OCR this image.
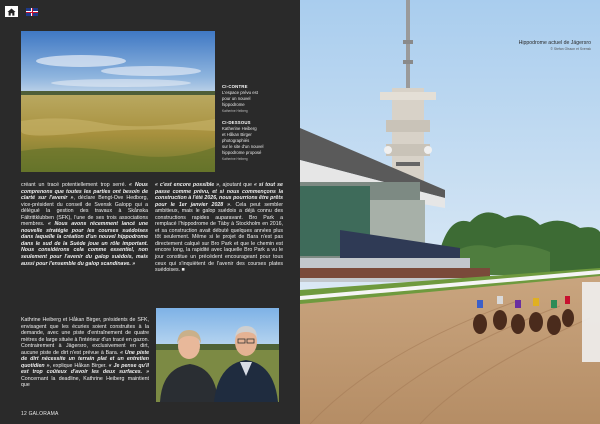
CI-CONTRE
L'espace prévu est
pour un nouvel
hippodrome
Katherine Heiberg
CI-DESSOUS
Katherine Heiberg
et Håkan Birger
photographiés
sur le site d'un nouvel
hippodrome proposé
Katherine Heiberg

créant un tracé potentiellement trop serré. « Nous comprenons que toutes les parties ont besoin de clarté sur l'avenir », déclare Bengt-Ove Hedborg, vice-président du conseil de Svensk Galopp qui a délégué la gestion des travaux à Skånska Fältrittklubben (SFK), l'une de ses trois associations membres. « Nous avons récemment lancé une nouvelle stratégie pour les courses suédoises dans laquelle la création d'un nouvel hippodrome dans le sud de la Suède joue un rôle important. Nous considérons cela comme essentiel, non seulement pour l'avenir du galop suédois, mais aussi pour l'ensemble du galop scandinave. »

« c'est encore possible », ajoutant que « si tout se passe comme prévu, et si nous commençons la construction à l'été 2026, nous pourrions être prêts pour le 1er janvier 2028 ». Cela peut sembler ambitieux, mais le galop suédois a déjà connu des constructions rapides auparavant. Bro Park a remplacé l'hippodrome de Täby à Stockholm en 2016, et sa construction avait débuté quelques années plus tôt seulement. Même si le projet de Bara n'est pas directement calqué sur Bro Park et que le chemin est encore long, la rapidité avec laquelle Bro Park a vu le jour constitue un précédent encourageant pour tous ceux qui s'inquiètent de l'avenir des courses plates suédoises. ■

Kathrine Heiberg et Håkan Birger, présidents de SFK, envisagent que les écuries soient construites à la demande, avec une piste d'entraînement de quatre mètres de large située à l'intérieur d'un tracé en gazon. Contrairement à Jägersro, exclusivement en dirt, aucune piste de dirt n'est prévue à Bara. « Une piste de dirt nécessite un terrain plat et un entretien quotidien », explique Håkan Birger. « Je pense qu'il est trop coûteux d'avoir les deux surfaces. » Concernant la deadline, Kathrine Heiberg maintient que

12 GALORAMA
Hippodrome actuel de Jägersro
© Stefan Olsson et Svensk
